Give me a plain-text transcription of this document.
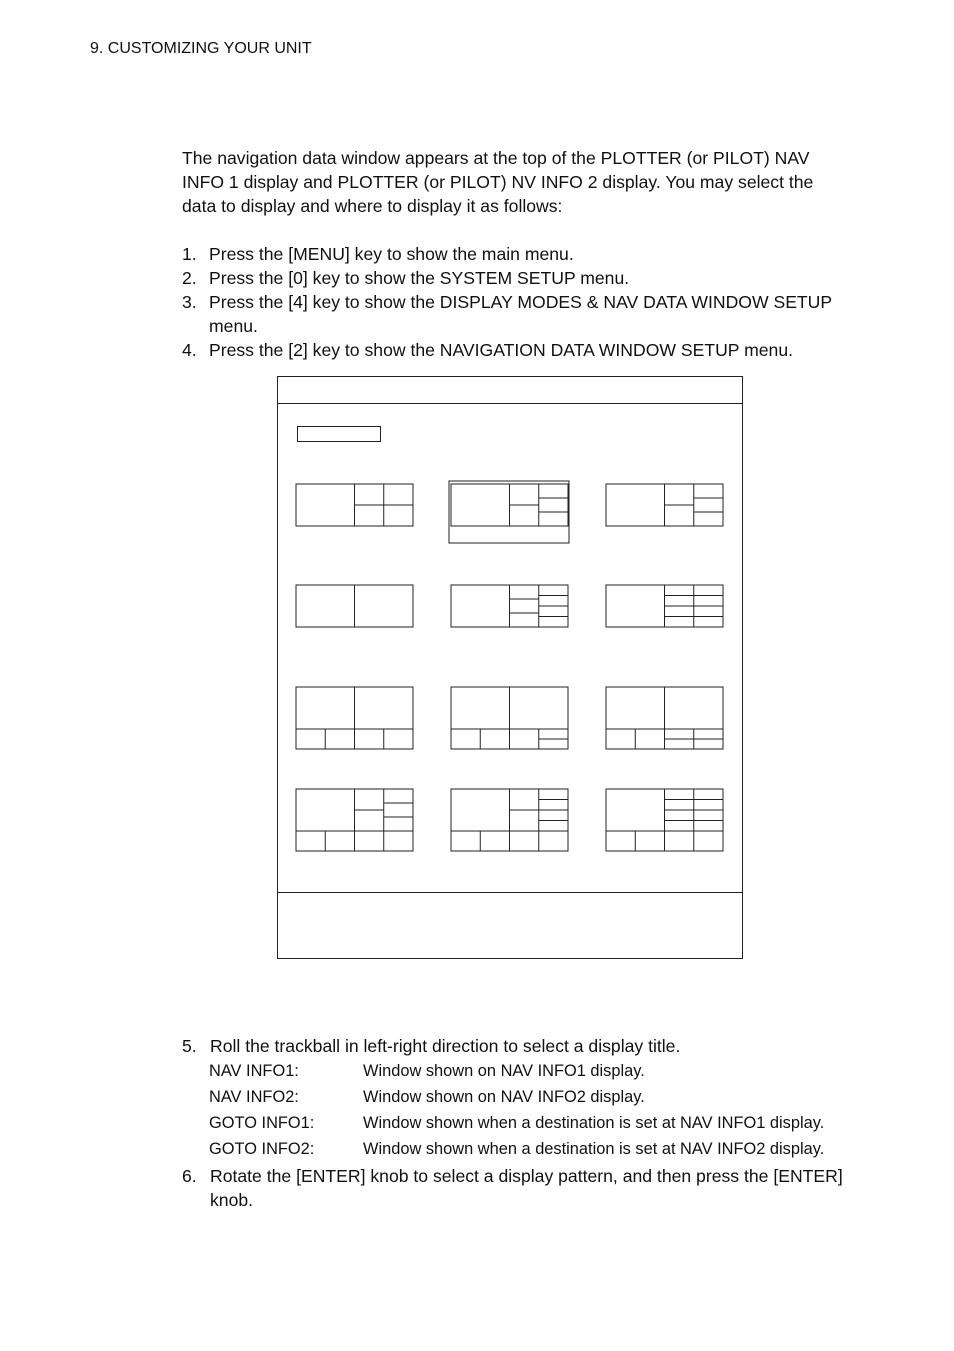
9. CUSTOMIZING YOUR UNIT

The navigation data window appears at the top of the PLOTTER (or PILOT) NAV INFO 1 display and PLOTTER (or PILOT) NV INFO 2 display. You may select the data to display and where to display it as follows:

1. Press the [MENU] key to show the main menu.
2. Press the [0] key to show the SYSTEM SETUP menu.
3. Press the [4] key to show the DISPLAY MODES & NAV DATA WINDOW SETUP menu.
4. Press the [2] key to show the NAVIGATION DATA WINDOW SETUP menu.
5. Roll the trackball in left-right direction to select a display title.
NAV INFO1:	Window shown on NAV INFO1 display.
NAV INFO2:	Window shown on NAV INFO2 display.
GOTO INFO1:	Window shown when a destination is set at NAV INFO1 display.
GOTO INFO2:	Window shown when a destination is set at NAV INFO2 display.
6. Rotate the [ENTER] knob to select a display pattern, and then press the [ENTER] knob.
